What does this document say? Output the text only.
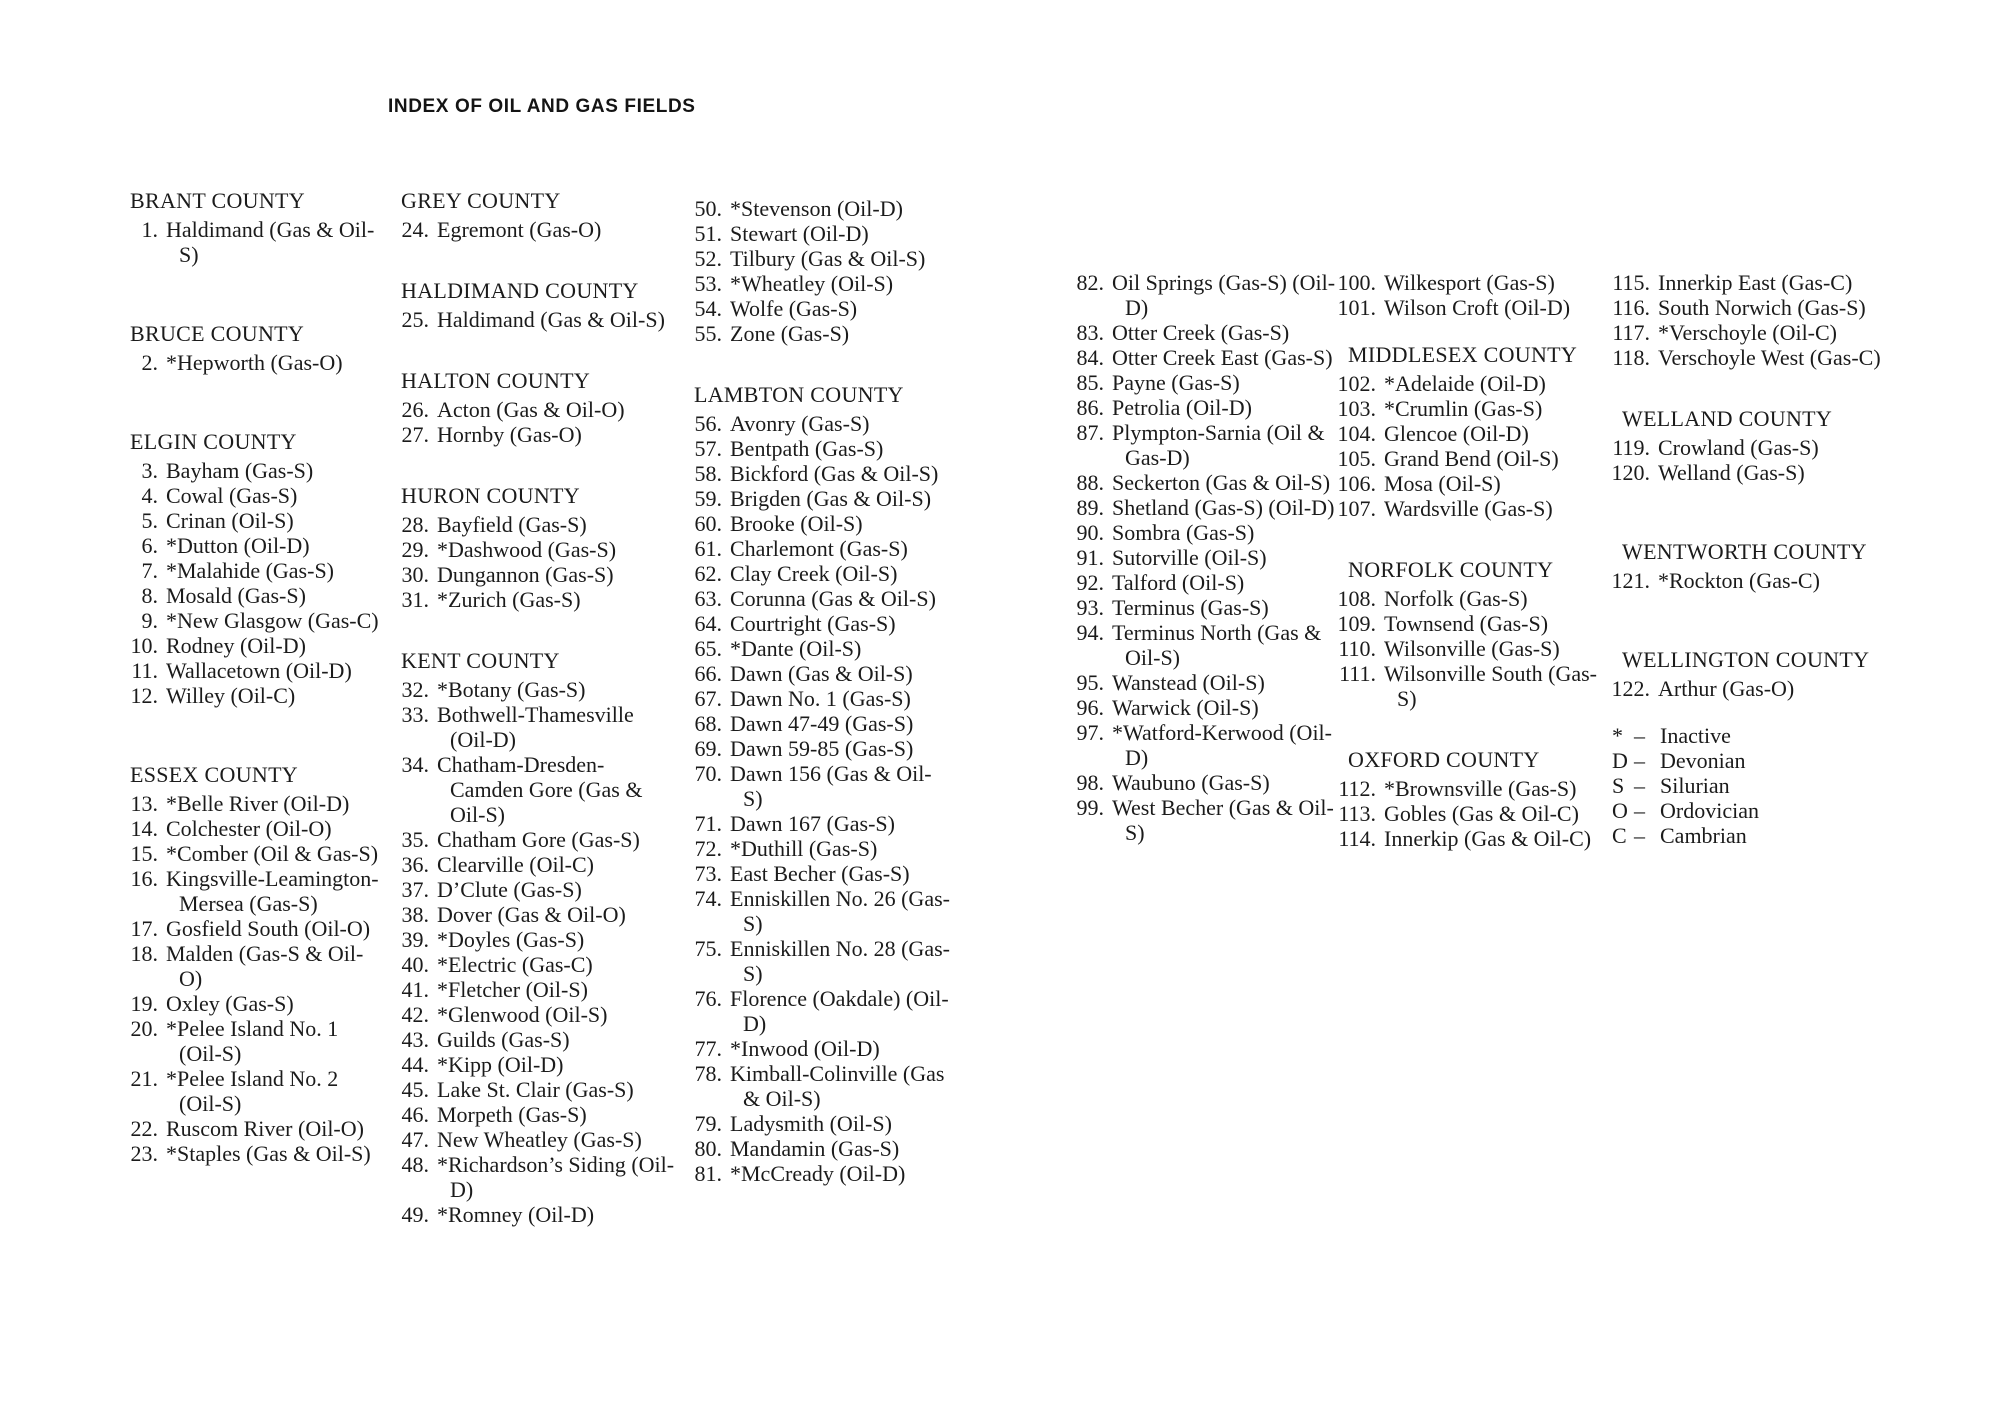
INDEX OF OIL AND GAS FIELDS
BRANT COUNTY
1. Haldimand (Gas & Oil-S)
BRUCE COUNTY
2. *Hepworth (Gas-O)
ELGIN COUNTY
3. Bayham (Gas-S)
4. Cowal (Gas-S)
5. Crinan (Oil-S)
6. *Dutton (Oil-D)
7. *Malahide (Gas-S)
8. Mosald (Gas-S)
9. *New Glasgow (Gas-C)
10. Rodney (Oil-D)
11. Wallacetown (Oil-D)
12. Willey (Oil-C)
ESSEX COUNTY
13. *Belle River (Oil-D)
14. Colchester (Oil-O)
15. *Comber (Oil & Gas-S)
16. Kingsville-Leamington-Mersea (Gas-S)
17. Gosfield South (Oil-O)
18. Malden (Gas-S & Oil-O)
19. Oxley (Gas-S)
20. *Pelee Island No. 1 (Oil-S)
21. *Pelee Island No. 2 (Oil-S)
22. Ruscom River (Oil-O)
23. *Staples (Gas & Oil-S)
GREY COUNTY
24. Egremont (Gas-O)
HALDIMAND COUNTY
25. Haldimand (Gas & Oil-S)
HALTON COUNTY
26. Acton (Gas & Oil-O)
27. Hornby (Gas-O)
HURON COUNTY
28. Bayfield (Gas-S)
29. *Dashwood (Gas-S)
30. Dungannon (Gas-S)
31. *Zurich (Gas-S)
KENT COUNTY
32. *Botany (Gas-S)
33. Bothwell-Thamesville (Oil-D)
34. Chatham-Dresden-Camden Gore (Gas & Oil-S)
35. Chatham Gore (Gas-S)
36. Clearville (Oil-C)
37. D’Clute (Gas-S)
38. Dover (Gas & Oil-O)
39. *Doyles (Gas-S)
40. *Electric (Gas-C)
41. *Fletcher (Oil-S)
42. *Glenwood (Oil-S)
43. Guilds (Gas-S)
44. *Kipp (Oil-D)
45. Lake St. Clair (Gas-S)
46. Morpeth (Gas-S)
47. New Wheatley (Gas-S)
48. *Richardson’s Siding (Oil-D)
49. *Romney (Oil-D)
50. *Stevenson (Oil-D)
51. Stewart (Oil-D)
52. Tilbury (Gas & Oil-S)
53. *Wheatley (Oil-S)
54. Wolfe (Gas-S)
55. Zone (Gas-S)
LAMBTON COUNTY
56. Avonry (Gas-S)
57. Bentpath (Gas-S)
58. Bickford (Gas & Oil-S)
59. Brigden (Gas & Oil-S)
60. Brooke (Oil-S)
61. Charlemont (Gas-S)
62. Clay Creek (Oil-S)
63. Corunna (Gas & Oil-S)
64. Courtright (Gas-S)
65. *Dante (Oil-S)
66. Dawn (Gas & Oil-S)
67. Dawn No. 1 (Gas-S)
68. Dawn 47-49 (Gas-S)
69. Dawn 59-85 (Gas-S)
70. Dawn 156 (Gas & Oil-S)
71. Dawn 167 (Gas-S)
72. *Duthill (Gas-S)
73. East Becher (Gas-S)
74. Enniskillen No. 26 (Gas-S)
75. Enniskillen No. 28 (Gas-S)
76. Florence (Oakdale) (Oil-D)
77. *Inwood (Oil-D)
78. Kimball-Colinville (Gas & Oil-S)
79. Ladysmith (Oil-S)
80. Mandamin (Gas-S)
81. *McCready (Oil-D)
82. Oil Springs (Gas-S) (Oil-D)
83. Otter Creek (Gas-S)
84. Otter Creek East (Gas-S)
85. Payne (Gas-S)
86. Petrolia (Oil-D)
87. Plympton-Sarnia (Oil & Gas-D)
88. Seckerton (Gas & Oil-S)
89. Shetland (Gas-S) (Oil-D)
90. Sombra (Gas-S)
91. Sutorville (Oil-S)
92. Talford (Oil-S)
93. Terminus (Gas-S)
94. Terminus North (Gas & Oil-S)
95. Wanstead (Oil-S)
96. Warwick (Oil-S)
97. *Watford-Kerwood (Oil-D)
98. Waubuno (Gas-S)
99. West Becher (Gas & Oil-S)
100. Wilkesport (Gas-S)
101. Wilson Croft (Oil-D)
MIDDLESEX COUNTY
102. *Adelaide (Oil-D)
103. *Crumlin (Gas-S)
104. Glencoe (Oil-D)
105. Grand Bend (Oil-S)
106. Mosa (Oil-S)
107. Wardsville (Gas-S)
NORFOLK COUNTY
108. Norfolk (Gas-S)
109. Townsend (Gas-S)
110. Wilsonville (Gas-S)
111. Wilsonville South (Gas-S)
OXFORD COUNTY
112. *Brownsville (Gas-S)
113. Gobles (Gas & Oil-C)
114. Innerkip (Gas & Oil-C)
115. Innerkip East (Gas-C)
116. South Norwich (Gas-S)
117. *Verschoyle (Oil-C)
118. Verschoyle West (Gas-C)
WELLAND COUNTY
119. Crowland (Gas-S)
120. Welland (Gas-S)
WENTWORTH COUNTY
121. *Rockton (Gas-C)
WELLINGTON COUNTY
122. Arthur (Gas-O)
* – Inactive
D – Devonian
S – Silurian
O – Ordovician
C – Cambrian
